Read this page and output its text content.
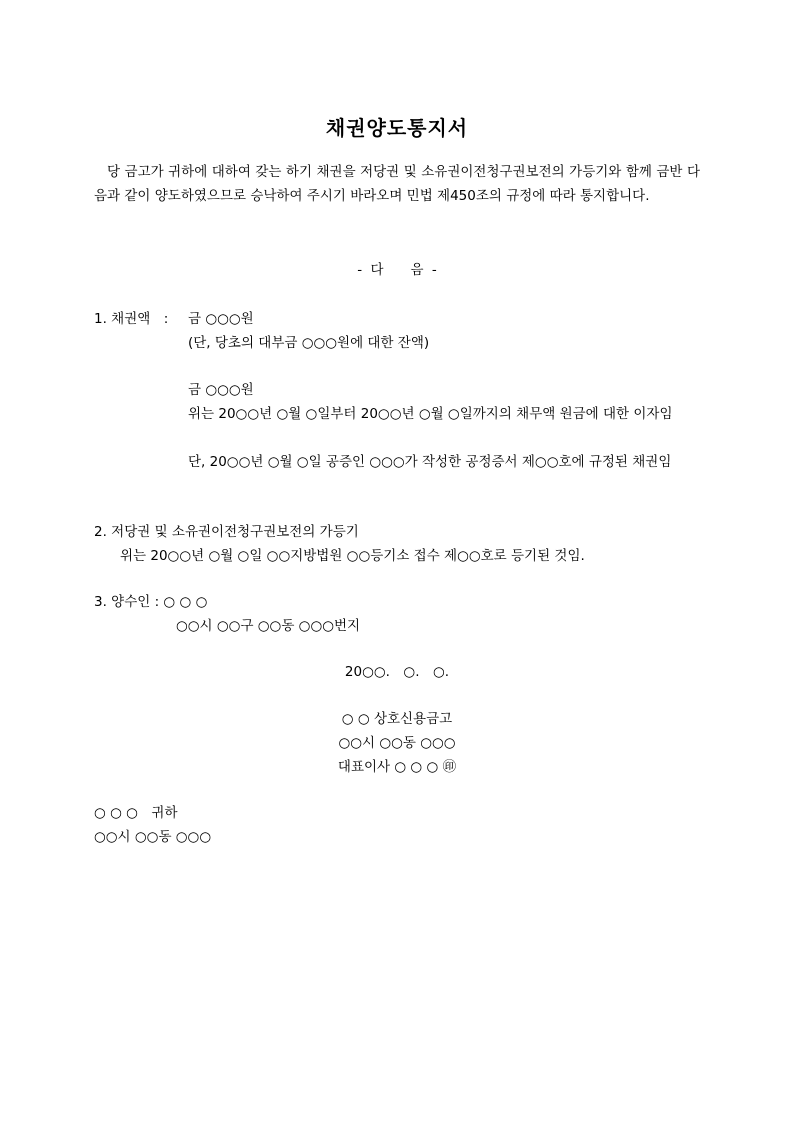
채권양도통지서
당 금고가 귀하에 대하여 갖는 하기 채권을 저당권 및 소유권이전청구권보전의 가등기와 함께 금반 다음과 같이 양도하였으므로 승낙하여 주시기 바라오며 민법 제450조의 규정에 따라 통지합니다.
- 다　　음 -
1. 채권액　: 금 ○○○원
(단, 당초의 대부금 ○○○원에 대한 잔액)
금 ○○○원
위는 20○○년 ○월 ○일부터 20○○년 ○월 ○일까지의 채무액 원금에 대한 이자임
단, 20○○년 ○월 ○일 공증인 ○○○가 작성한 공정증서 제○○호에 규정된 채권임
2. 저당권 및 소유권이전청구권보전의 가등기
위는 20○○년 ○월 ○일 ○○지방법원 ○○등기소 접수 제○○호로 등기된 것임.
3. 양수인 : ○ ○ ○
○○시 ○○구 ○○동 ○○○번지
20○○.　○.　○.
○ ○ 상호신용금고
○○시 ○○동 ○○○
대표이사 ○ ○ ○ ㊞
○ ○ ○　귀하
○○시 ○○동 ○○○
